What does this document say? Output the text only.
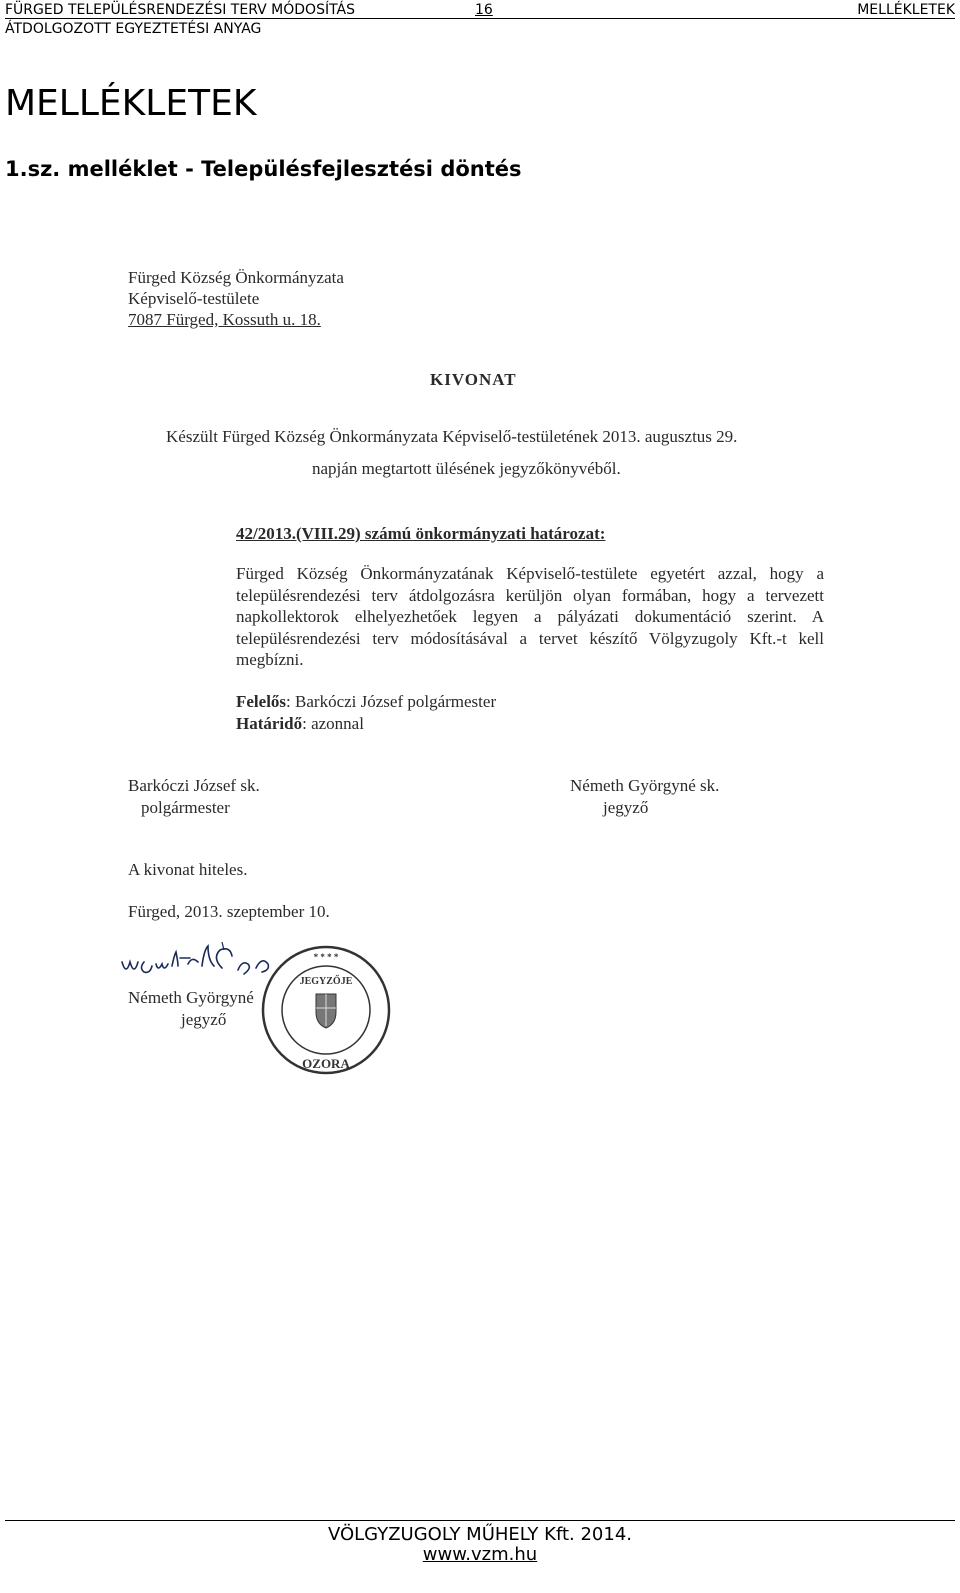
FÜRGED TELEPÜLÉSRENDEZÉSI TERV MÓDOSÍTÁS
ÁTDOLGOZOTT EGYEZTETÉSI ANYAG
16	MELLÉKLETEK
MELLÉKLETEK
1.sz. melléklet - Településfejlesztési döntés
Fürged Község Önkormányzata
Képviselő-testülete
7087 Fürged, Kossuth u. 18.
KIVONAT
Készült Fürged Község Önkormányzata Képviselő-testületének 2013. augusztus 29.
napján megtartott ülésének jegyzőkönyvéből.
42/2013.(VIII.29) számú önkormányzati határozat:

Fürged Község Önkormányzatának Képviselő-testülete egyetért azzal, hogy a településrendezési terv átdolgozásra kerüljön olyan formában, hogy a tervezett napkollektorok elhelyezhetőek legyen a pályázati dokumentáció szerint. A településrendezési terv módosításával a tervet készítő Völgyzugoly Kft.-t kell megbízni.

Felelős: Barkóczi József polgármester
Határidő: azonnal
Barkóczi József sk.
polgármester
Németh Györgyné sk.
jegyző
A kivonat hiteles.
Fürged, 2013. szeptember 10.
Németh Györgyné
jegyző
JEGYZŐJE
OZORA
* * * *
VÖLGYZUGOLY MŰHELY Kft. 2014.
www.vzm.hu
